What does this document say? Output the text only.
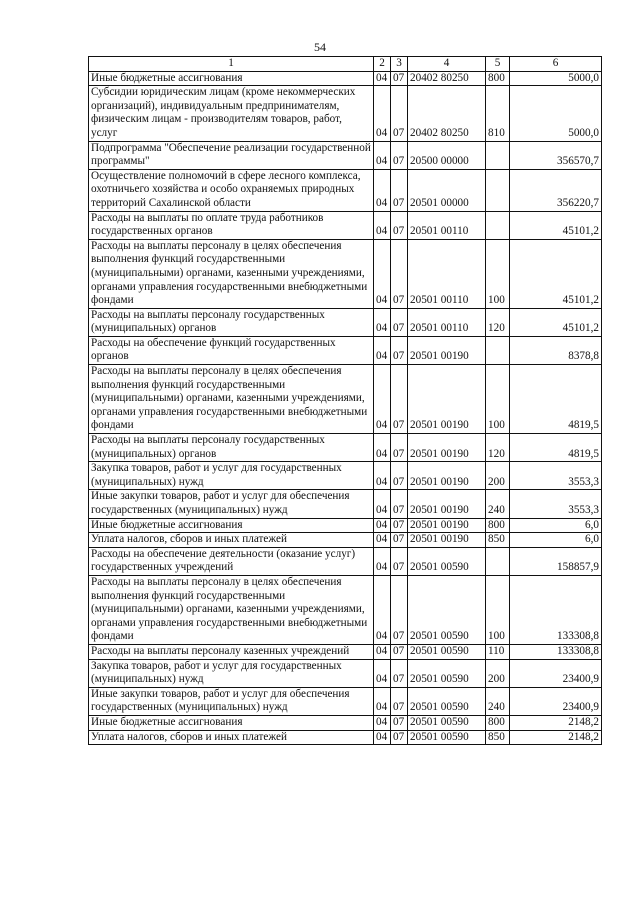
54
1	2	3	4	5	6
Иные бюджетные ассигнования	04	07	20402 80250	800	5000,0
Субсидии юридическим лицам (кроме некоммерческих организаций), индивидуальным предпринимателям, физическим лицам - производителям товаров, работ, услуг	04	07	20402 80250	810	5000,0
Подпрограмма "Обеспечение реализации государственной программы"	04	07	20500 00000		356570,7
Осуществление полномочий в сфере лесного комплекса, охотничьего хозяйства и особо охраняемых природных территорий Сахалинской области	04	07	20501 00000		356220,7
Расходы на выплаты по оплате труда работников государственных органов	04	07	20501 00110		45101,2
Расходы на выплаты персоналу в целях обеспечения выполнения функций государственными (муниципальными) органами, казенными учреждениями, органами управления государственными внебюджетными фондами	04	07	20501 00110	100	45101,2
Расходы на выплаты персоналу государственных (муниципальных) органов	04	07	20501 00110	120	45101,2
Расходы на обеспечение функций государственных органов	04	07	20501 00190		8378,8
Расходы на выплаты персоналу в целях обеспечения выполнения функций государственными (муниципальными) органами, казенными учреждениями, органами управления государственными внебюджетными фондами	04	07	20501 00190	100	4819,5
Расходы на выплаты персоналу государственных (муниципальных) органов	04	07	20501 00190	120	4819,5
Закупка товаров, работ и услуг для государственных (муниципальных) нужд	04	07	20501 00190	200	3553,3
Иные закупки товаров, работ и услуг для обеспечения государственных (муниципальных) нужд	04	07	20501 00190	240	3553,3
Иные бюджетные ассигнования	04	07	20501 00190	800	6,0
Уплата налогов, сборов и иных платежей	04	07	20501 00190	850	6,0
Расходы на обеспечение деятельности (оказание услуг) государственных учреждений	04	07	20501 00590		158857,9
Расходы на выплаты персоналу в целях обеспечения выполнения функций государственными (муниципальными) органами, казенными учреждениями, органами управления государственными внебюджетными фондами	04	07	20501 00590	100	133308,8
Расходы на выплаты персоналу казенных учреждений	04	07	20501 00590	110	133308,8
Закупка товаров, работ и услуг для государственных (муниципальных) нужд	04	07	20501 00590	200	23400,9
Иные закупки товаров, работ и услуг для обеспечения государственных (муниципальных) нужд	04	07	20501 00590	240	23400,9
Иные бюджетные ассигнования	04	07	20501 00590	800	2148,2
Уплата налогов, сборов и иных платежей	04	07	20501 00590	850	2148,2
